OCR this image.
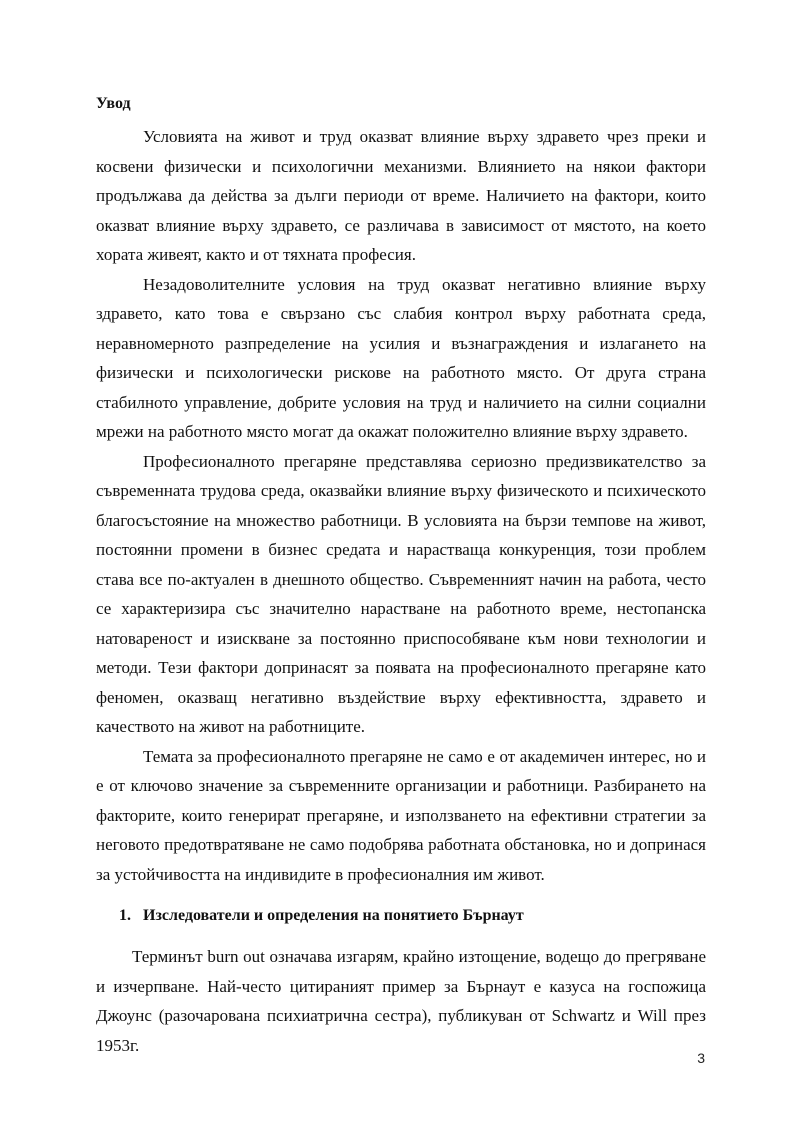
Увод

Условията на живот и труд оказват влияние върху здравето чрез преки и косвени физически и психологични механизми. Влиянието на някои фактори продължава да действа за дълги периоди от време. Наличието на фактори, които оказват влияние върху здравето, се различава в зависимост от мястото, на което хората живеят, както и от тяхната професия.

Незадоволителните условия на труд оказват негативно влияние върху здравето, като това е свързано със слабия контрол върху работната среда, неравномерното разпределение на усилия и възнаграждения и излагането на физически и психологически рискове на работното място. От друга страна стабилното управление, добрите условия на труд и наличието на силни социални мрежи на работното място могат да окажат положително влияние върху здравето.

Професионалното прегаряне представлява сериозно предизвикателство за съвременната трудова среда, оказвайки влияние върху физическото и психическото благосъстояние на множество работници. В условията на бързи темпове на живот, постоянни промени в бизнес средата и нарастваща конкуренция, този проблем става все по-актуален в днешното общество. Съвременният начин на работа, често се характеризира със значително нарастване на работното време, нестопанска натовареност и изискване за постоянно приспособяване към нови технологии и методи. Тези фактори допринасят за появата на професионалното прегаряне като феномен, оказващ негативно въздействие върху ефективността, здравето и качеството на живот на работниците.

Темата за професионалното прегаряне не само е от академичен интерес, но и е от ключово значение за съвременните организации и работници. Разбирането на факторите, които генерират прегаряне, и използването на ефективни стратегии за неговото предотвратяване не само подобрява работната обстановка, но и допринася за устойчивостта на индивидите в професионалния им живот.

1. Изследователи и определения на понятието Бърнаут

Терминът burn out означава изгарям, крайно изтощение, водещо до прегряване и изчерпване. Най-често цитираният пример за Бърнаут е казуса на госпожица Джоунс (разочарована психиатрична сестра), публикуван от Schwartz и Will през 1953г.

3
